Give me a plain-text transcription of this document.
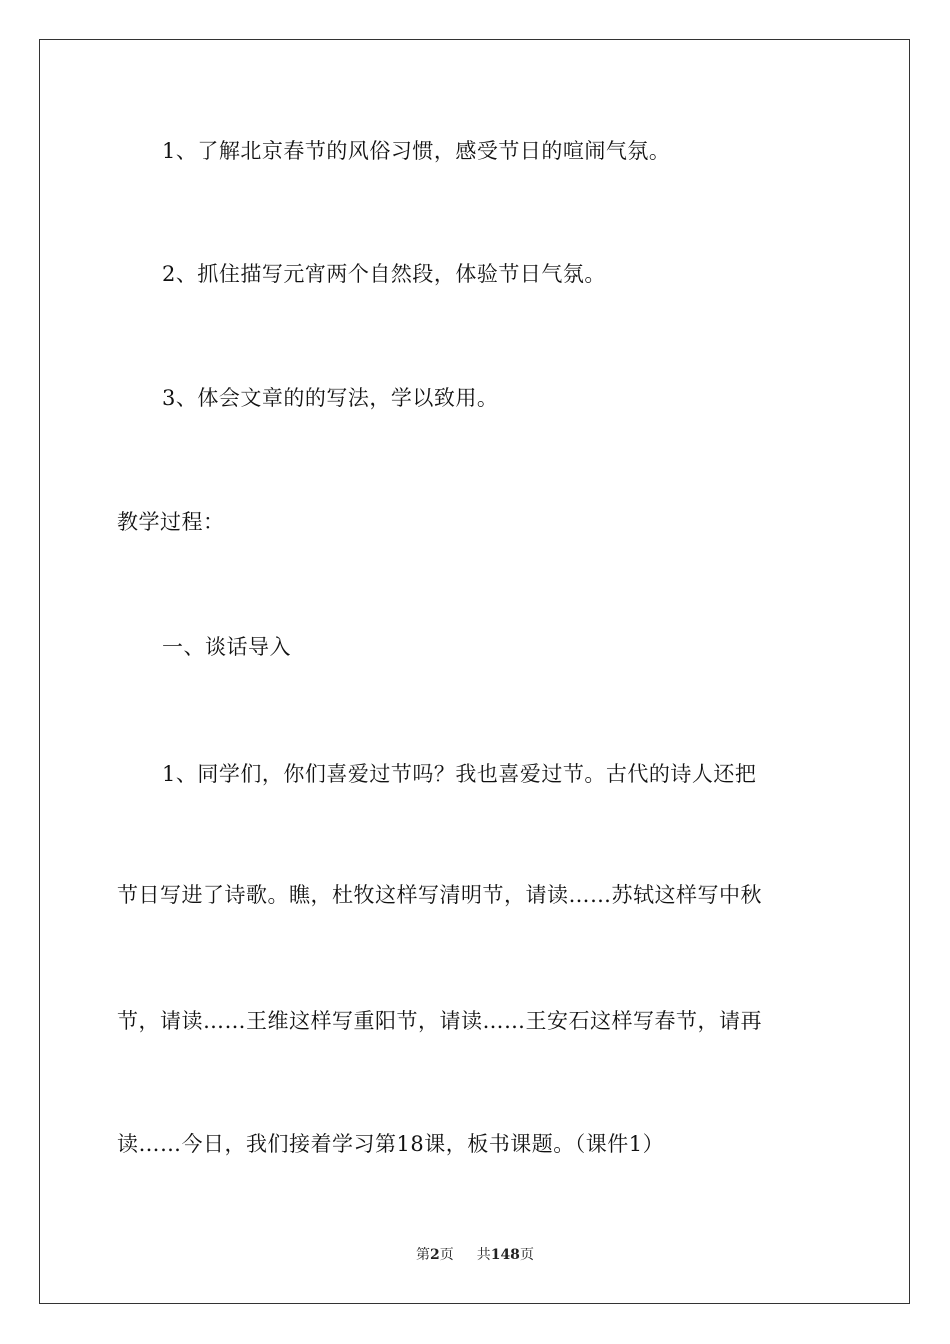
1、了解北京春节的风俗习惯，感受节日的喧闹气氛。
2、抓住描写元宵两个自然段，体验节日气氛。
3、体会文章的的写法，学以致用。
教学过程：
一、谈话导入
1、同学们，你们喜爱过节吗？我也喜爱过节。古代的诗人还把
节日写进了诗歌。瞧，杜牧这样写清明节，请读……苏轼这样写中秋
节，请读……王维这样写重阳节，请读……王安石这样写春节，请再
读……今日，我们接着学习第18课，板书课题。（课件1）
第2页 共148页
